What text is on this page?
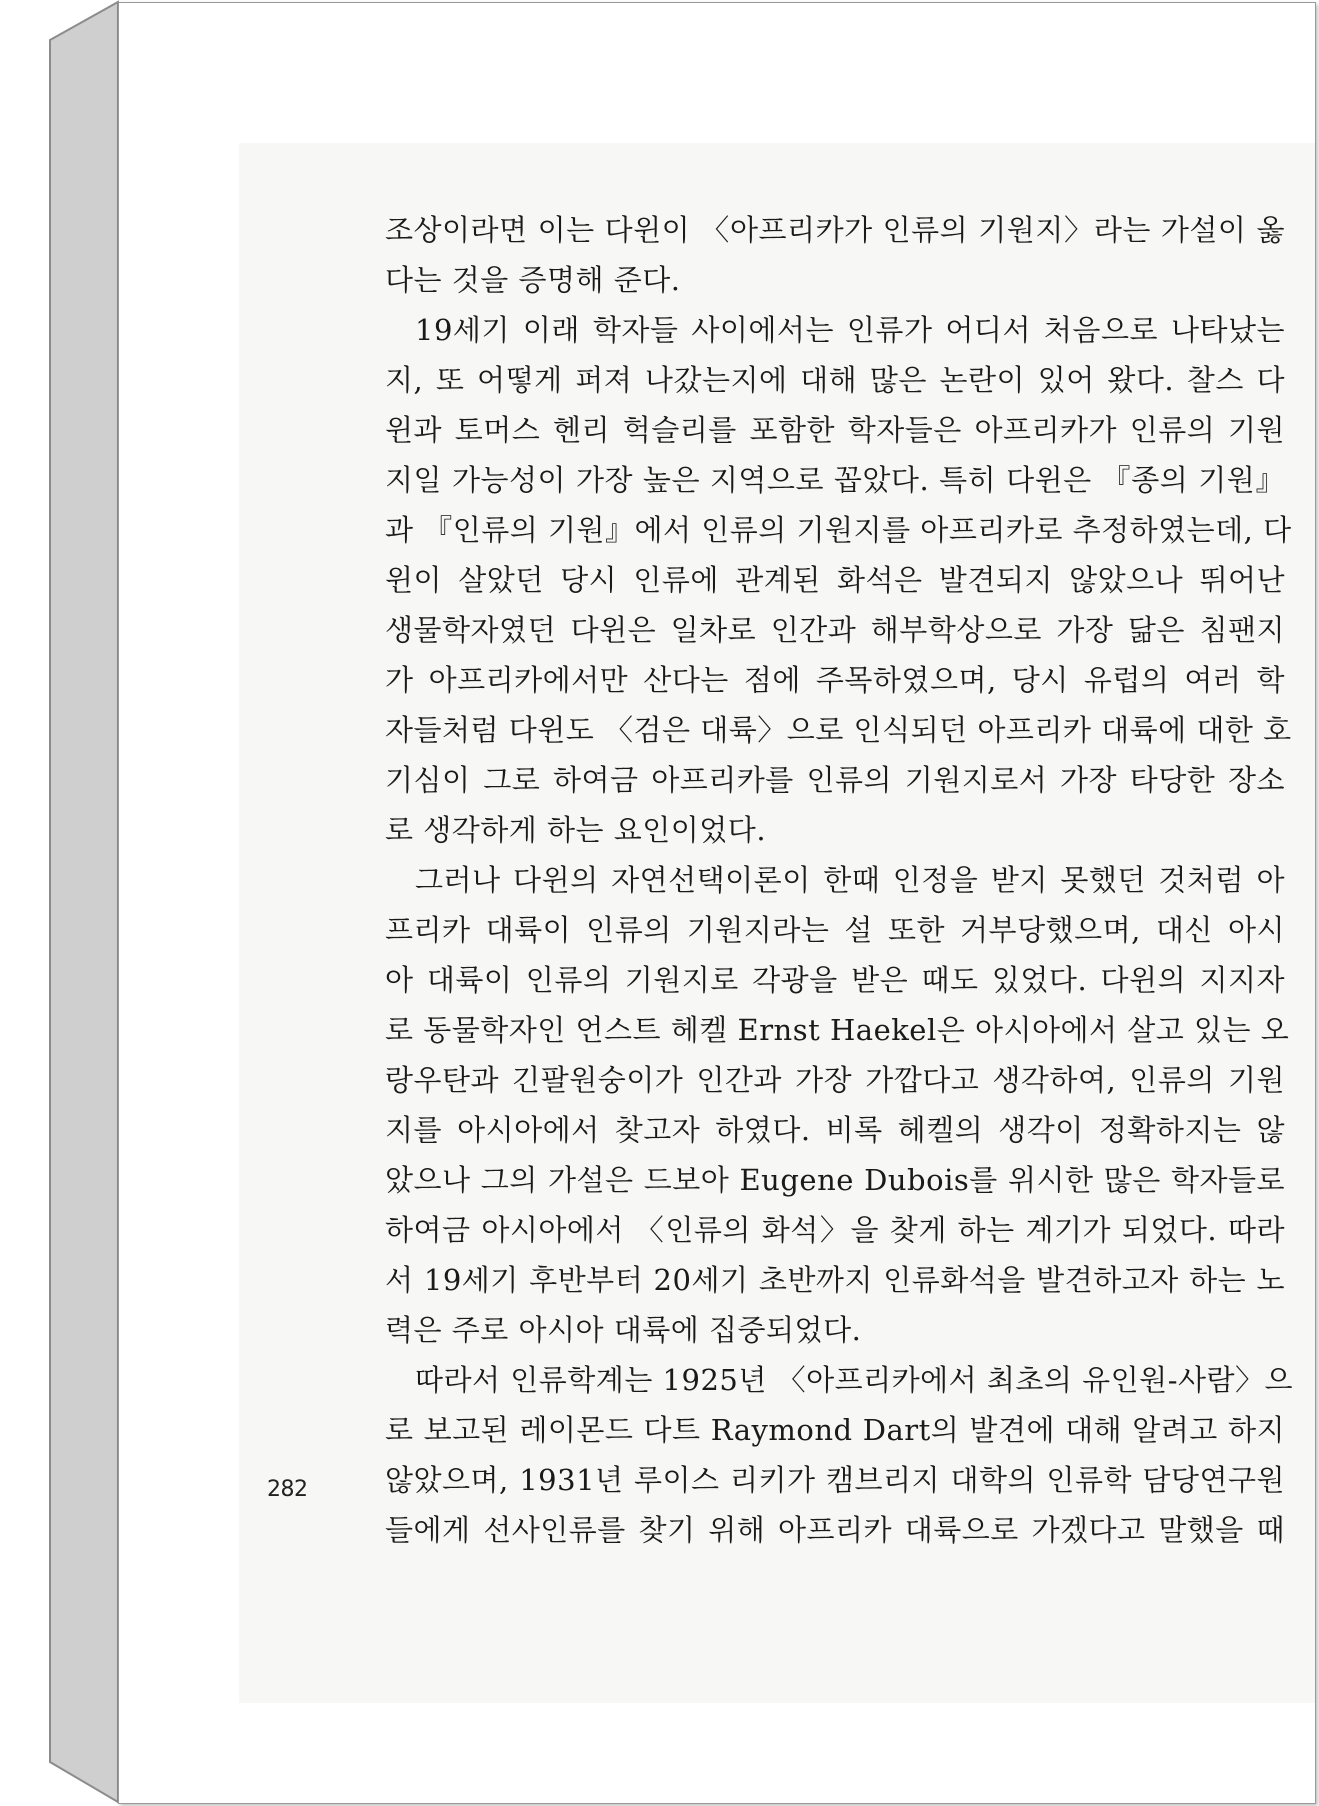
조상이라면 이는 다윈이 〈아프리카가 인류의 기원지〉라는 가설이 옳
다는 것을 증명해 준다.
19세기 이래 학자들 사이에서는 인류가 어디서 처음으로 나타났는
지, 또 어떻게 퍼져 나갔는지에 대해 많은 논란이 있어 왔다. 찰스 다
윈과 토머스 헨리 헉슬리를 포함한 학자들은 아프리카가 인류의 기원
지일 가능성이 가장 높은 지역으로 꼽았다. 특히 다윈은 『종의 기원』
과 『인류의 기원』에서 인류의 기원지를 아프리카로 추정하였는데, 다
윈이 살았던 당시 인류에 관계된 화석은 발견되지 않았으나 뛰어난
생물학자였던 다윈은 일차로 인간과 해부학상으로 가장 닮은 침팬지
가 아프리카에서만 산다는 점에 주목하였으며, 당시 유럽의 여러 학
자들처럼 다윈도 〈검은 대륙〉으로 인식되던 아프리카 대륙에 대한 호
기심이 그로 하여금 아프리카를 인류의 기원지로서 가장 타당한 장소
로 생각하게 하는 요인이었다.
그러나 다윈의 자연선택이론이 한때 인정을 받지 못했던 것처럼 아
프리카 대륙이 인류의 기원지라는 설 또한 거부당했으며, 대신 아시
아 대륙이 인류의 기원지로 각광을 받은 때도 있었다. 다윈의 지지자
로 동물학자인 언스트 헤켈 Ernst Haekel은 아시아에서 살고 있는 오
랑우탄과 긴팔원숭이가 인간과 가장 가깝다고 생각하여, 인류의 기원
지를 아시아에서 찾고자 하였다. 비록 헤켈의 생각이 정확하지는 않
았으나 그의 가설은 드보아 Eugene Dubois를 위시한 많은 학자들로
하여금 아시아에서 〈인류의 화석〉을 찾게 하는 계기가 되었다. 따라
서 19세기 후반부터 20세기 초반까지 인류화석을 발견하고자 하는 노
력은 주로 아시아 대륙에 집중되었다.
따라서 인류학계는 1925년 〈아프리카에서 최초의 유인원-사람〉으
로 보고된 레이몬드 다트 Raymond Dart의 발견에 대해 알려고 하지
않았으며, 1931년 루이스 리키가 캠브리지 대학의 인류학 담당연구원
들에게 선사인류를 찾기 위해 아프리카 대륙으로 가겠다고 말했을 때
282
